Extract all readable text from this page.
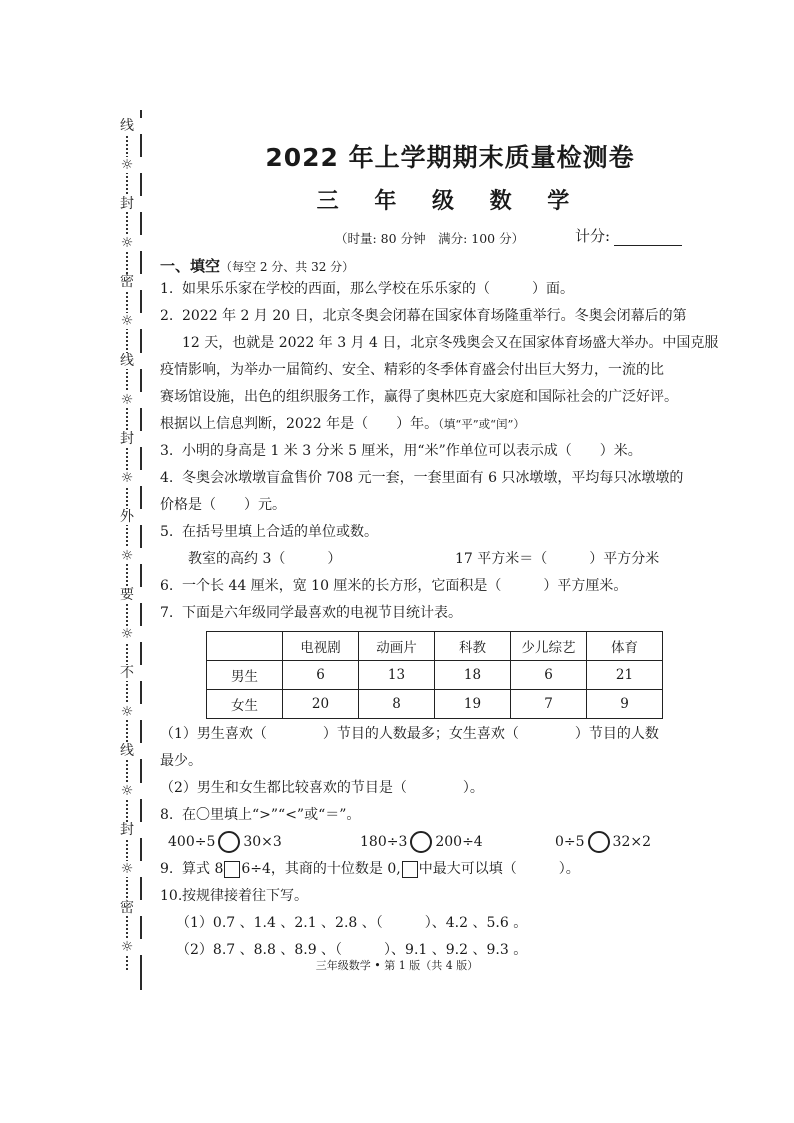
线
☼
封
☼
密
☼
线
☼
封
☼
外
☼
要
☼
不
☼
线
☼
封
☼
密
☼
2022 年上学期期末质量检测卷
三 年 级 数 学
（时量: 80 分钟　满分: 100 分）	计分:
一、填空（每空 2 分、共 32 分）

1. 如果乐乐家在学校的西面，那么学校在乐乐家的（　　　）面。

2. 2022 年 2 月 20 日，北京冬奥会闭幕在国家体育场隆重举行。冬奥会闭幕后的第

12 天，也就是 2022 年 3 月 4 日，北京冬残奥会又在国家体育场盛大举办。中国克服

疫情影响，为举办一届简约、安全、精彩的冬季体育盛会付出巨大努力，一流的比

赛场馆设施，出色的组织服务工作，赢得了奥林匹克大家庭和国际社会的广泛好评。

根据以上信息判断，2022 年是（　　）年。（填“平”或“闰”）

3. 小明的身高是 1 米 3 分米 5 厘米，用“米”作单位可以表示成（　　）米。

4. 冬奥会冰墩墩盲盒售价 708 元一套，一套里面有 6 只冰墩墩，平均每只冰墩墩的

价格是（　　）元。

5. 在括号里填上合适的单位或数。

教室的高约 3（　　　）	17 平方米＝（　　　）平方分米

6. 一个长 44 厘米，宽 10 厘米的长方形，它面积是（　　　）平方厘米。

7. 下面是六年级同学最喜欢的电视节目统计表。

	电视剧	动画片	科教	少儿综艺	体育
男生	6	13	18	6	21
女生	20	8	19	7	9

（1）男生喜欢（　　　　）节目的人数最多；女生喜欢（　　　　）节目的人数

最少。

（2）男生和女生都比较喜欢的节目是（　　　　）。

8. 在〇里填上“>”“<”或“＝”。

400÷5 30×3	180÷3 200÷4	0÷5 32×2

9. 算式 8 6÷4，其商的十位数是 0, 中最大可以填（　　　）。

10.按规律接着往下写。

（1）0.7 、1.4 、2.1 、2.8 、（　　　）、4.2 、5.6 。

（2）8.7 、8.8 、8.9 、（　　　）、9.1 、9.2 、9.3 。

三年级数学 • 第 1 版（共 4 版）
